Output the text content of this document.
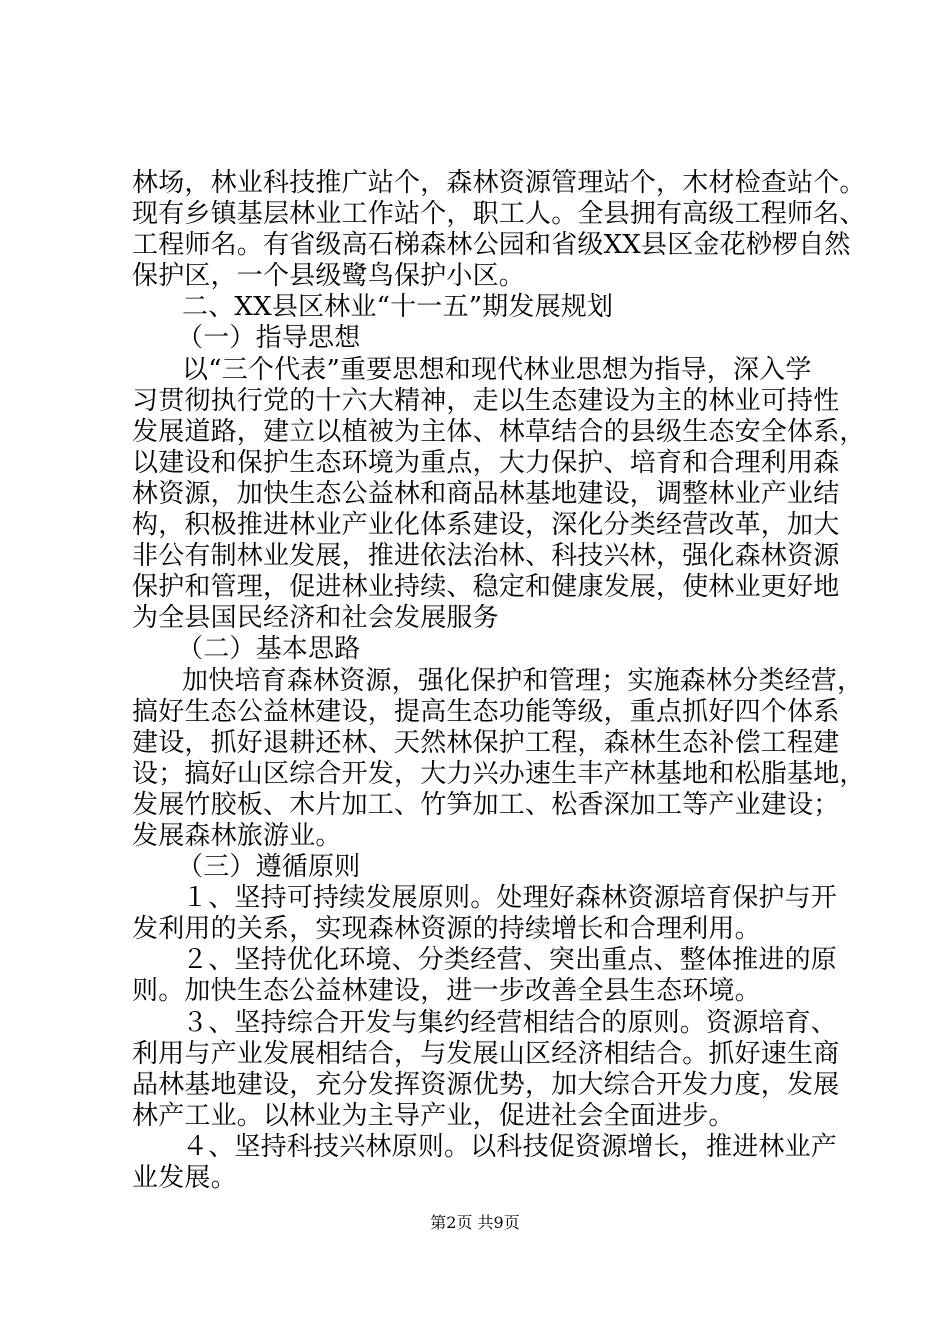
林场，林业科技推广站个，森林资源管理站个，木材检查站个。
现有乡镇基层林业工作站个，职工人。全县拥有高级工程师名、
工程师名。有省级高石梯森林公园和省级XX县区金花桫椤自然
保护区，一个县级鹭鸟保护小区。
二、XX县区林业“十一五”期发展规划
（一）指导思想
以“三个代表”重要思想和现代林业思想为指导，深入学
习贯彻执行党的十六大精神，走以生态建设为主的林业可持性
发展道路，建立以植被为主体、林草结合的县级生态安全体系，
以建设和保护生态环境为重点，大力保护、培育和合理利用森
林资源，加快生态公益林和商品林基地建设，调整林业产业结
构，积极推进林业产业化体系建设，深化分类经营改革，加大
非公有制林业发展，推进依法治林、科技兴林，强化森林资源
保护和管理，促进林业持续、稳定和健康发展，使林业更好地
为全县国民经济和社会发展服务
（二）基本思路
加快培育森林资源，强化保护和管理；实施森林分类经营，
搞好生态公益林建设，提高生态功能等级，重点抓好四个体系
建设，抓好退耕还林、天然林保护工程，森林生态补偿工程建
设；搞好山区综合开发，大力兴办速生丰产林基地和松脂基地，
发展竹胶板、木片加工、竹笋加工、松香深加工等产业建设；
发展森林旅游业。
（三）遵循原则
１、坚持可持续发展原则。处理好森林资源培育保护与开
发利用的关系，实现森林资源的持续增长和合理利用。
２、坚持优化环境、分类经营、突出重点、整体推进的原
则。加快生态公益林建设，进一步改善全县生态环境。
３、坚持综合开发与集约经营相结合的原则。资源培育、
利用与产业发展相结合，与发展山区经济相结合。抓好速生商
品林基地建设，充分发挥资源优势，加大综合开发力度，发展
林产工业。以林业为主导产业，促进社会全面进步。
４、坚持科技兴林原则。以科技促资源增长，推进林业产
业发展。
第2页 共9页
